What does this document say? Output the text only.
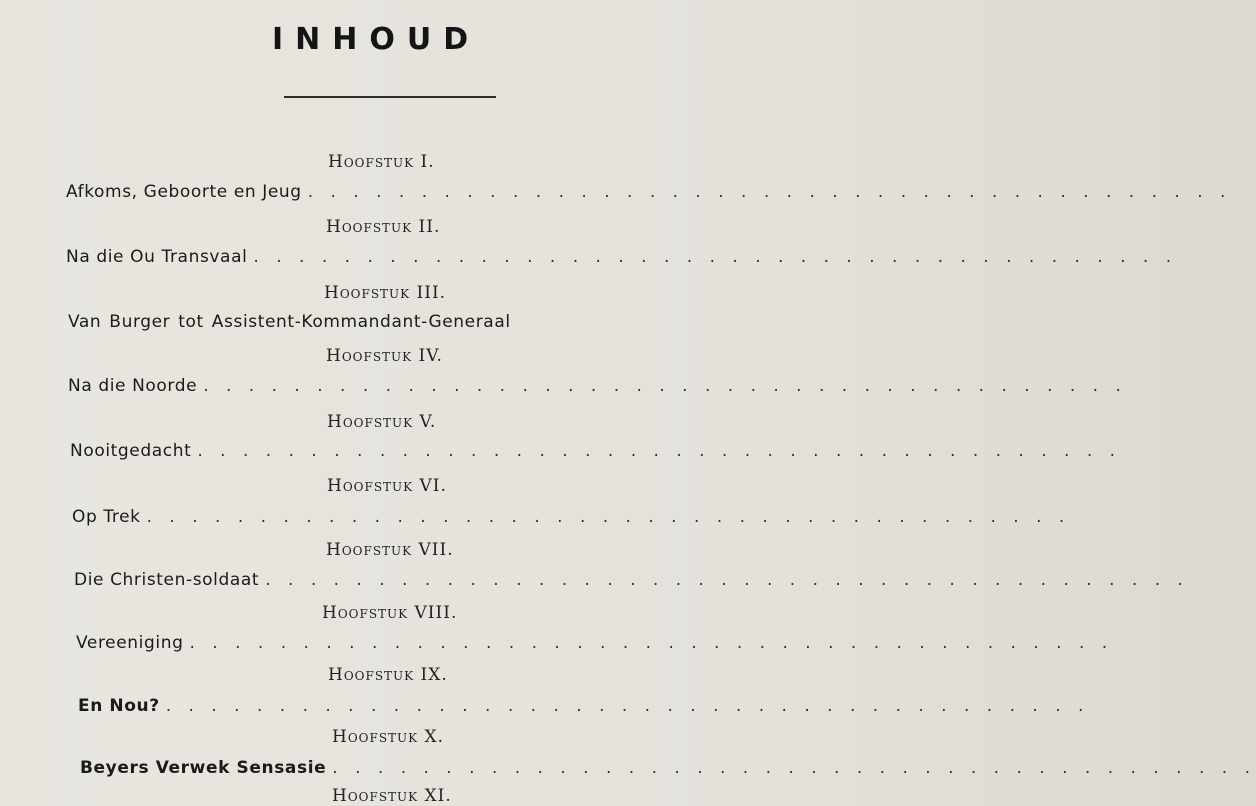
INHOUD
Hoofstuk I.
Afkoms, Geboorte en Jeug . . . . . . . . . . . . . . . . . . . . . . . . . . . . . . . . . . . . . . . . .
Hoofstuk II.
Na die Ou Transvaal . . . . . . . . . . . . . . . . . . . . . . . . . . . . . . . . . . . . . . . . .
Hoofstuk III.
Van Burger tot Assistent-Kommandant-Generaal
Hoofstuk IV.
Na die Noorde . . . . . . . . . . . . . . . . . . . . . . . . . . . . . . . . . . . . . . . . .
Hoofstuk V.
Nooitgedacht . . . . . . . . . . . . . . . . . . . . . . . . . . . . . . . . . . . . . . . . .
Hoofstuk VI.
Op Trek . . . . . . . . . . . . . . . . . . . . . . . . . . . . . . . . . . . . . . . . .
Hoofstuk VII.
Die Christen-soldaat . . . . . . . . . . . . . . . . . . . . . . . . . . . . . . . . . . . . . . . . .
Hoofstuk VIII.
Vereeniging . . . . . . . . . . . . . . . . . . . . . . . . . . . . . . . . . . . . . . . . .
Hoofstuk IX.
En Nou? . . . . . . . . . . . . . . . . . . . . . . . . . . . . . . . . . . . . . . . . .
Hoofstuk X.
Beyers Verwek Sensasie . . . . . . . . . . . . . . . . . . . . . . . . . . . . . . . . . . . . . . . . .
Hoofstuk XI.
